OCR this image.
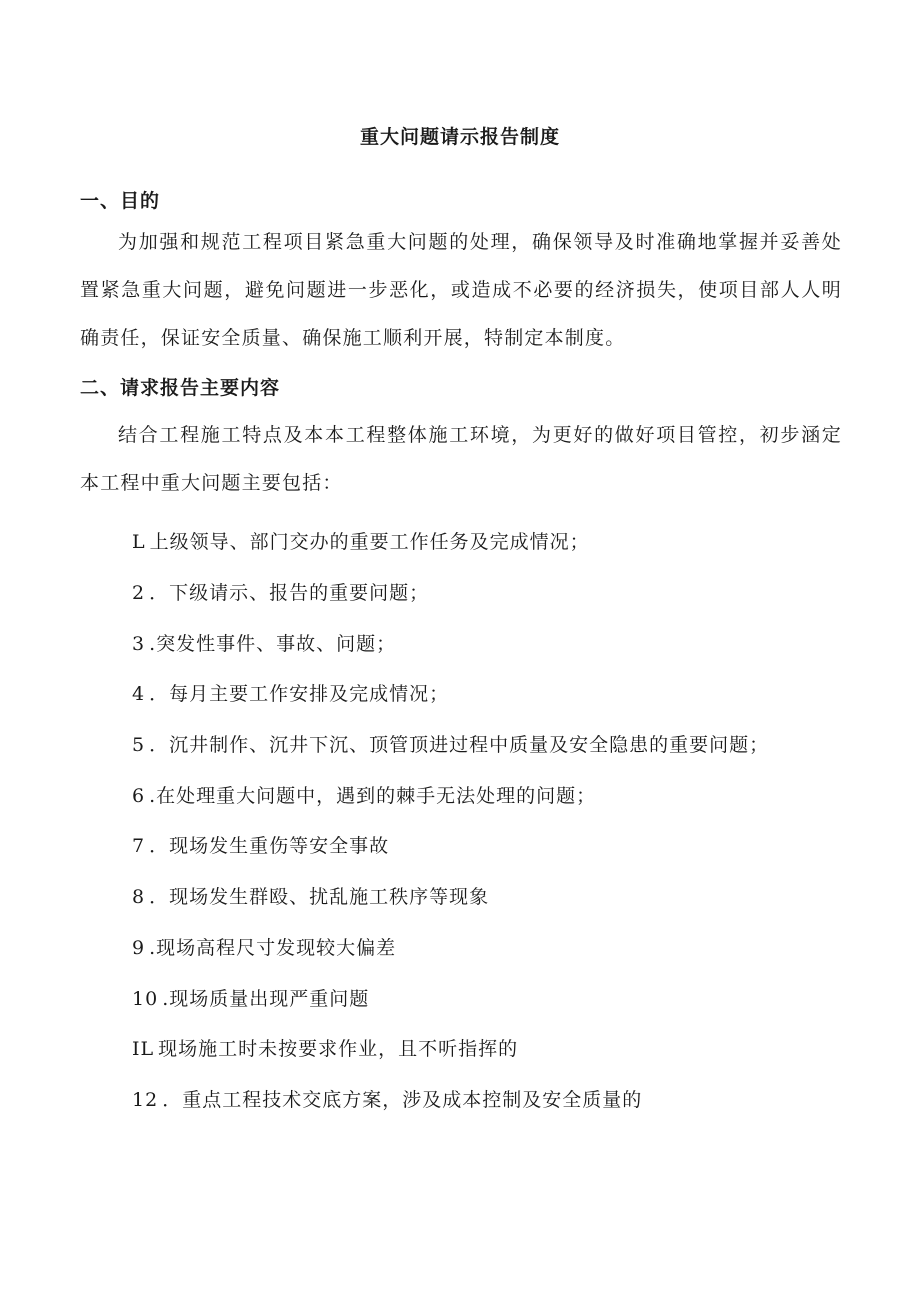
重大问题请示报告制度
一、目的
为加强和规范工程项目紧急重大问题的处理，确保领导及时准确地掌握并妥善处置紧急重大问题，避免问题进一步恶化，或造成不必要的经济损失，使项目部人人明确责任，保证安全质量、确保施工顺利开展，特制定本制度。
二、请求报告主要内容
结合工程施工特点及本本工程整体施工环境，为更好的做好项目管控，初步涵定本工程中重大问题主要包括：
L 上级领导、部门交办的重要工作任务及完成情况；
2 ．下级请示、报告的重要问题；
3 .突发性事件、事故、问题；
4 ．每月主要工作安排及完成情况；
5 ．沉井制作、沉井下沉、顶管顶进过程中质量及安全隐患的重要问题；
6 .在处理重大问题中，遇到的棘手无法处理的问题；
7 ．现场发生重伤等安全事故
8 ．现场发生群殴、扰乱施工秩序等现象
9 .现场高程尺寸发现较大偏差
10 .现场质量出现严重问题
IL 现场施工时未按要求作业，且不听指挥的
12 ．重点工程技术交底方案，涉及成本控制及安全质量的
